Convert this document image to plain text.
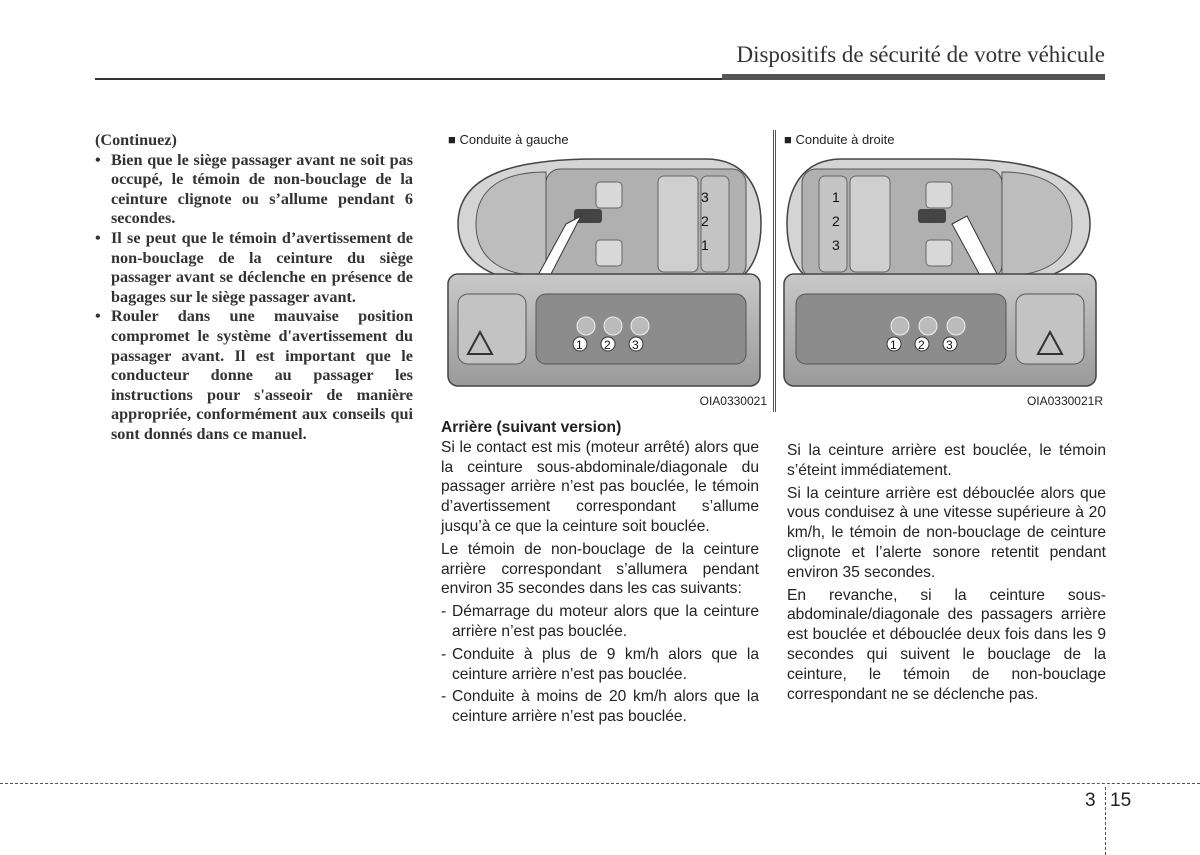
Dispositifs de sécurité de votre véhicule

(Continuez)

• Bien que le siège passager avant ne soit pas occupé, le témoin de non-bouclage de la ceinture clignote ou s’allume pendant 6 secondes.
• Il se peut que le témoin d’avertissement de non-bouclage de la ceinture du siège passager avant se déclenche en présence de bagages sur le siège passager avant.
• Rouler dans une mauvaise position compromet le système d'avertissement du passager avant. Il est important que le conducteur donne au passager les instructions pour s'asseoir de manière appropriée, conformément aux conseils qui sont donnés dans ce manuel.
■ Conduite à gauche
3
2
1
1 2 3
OIA0330021
■ Conduite à droite
1
2
3
1 2 3
OIA0330021R

Arrière (suivant version)

Si le contact est mis (moteur arrêté) alors que la ceinture sous-abdominale/diagonale du passager arrière n’est pas bouclée, le témoin d’avertissement correspondant s’allume jusqu’à ce que la ceinture soit bouclée.

Le témoin de non-bouclage de la ceinture arrière correspondant s’allumera pendant environ 35 secondes dans les cas suivants:

- Démarrage du moteur alors que la ceinture arrière n’est pas bouclée.

- Conduite à plus de 9 km/h alors que la ceinture arrière n’est pas bouclée.

- Conduite à moins de 20 km/h alors que la ceinture arrière n’est pas bouclée.

Si la ceinture arrière est bouclée, le témoin s’éteint immédiatement.

Si la ceinture arrière est débouclée alors que vous conduisez à une vitesse supérieure à 20 km/h, le témoin de non-bouclage de ceinture clignote et l’alerte sonore retentit pendant environ 35 secondes.

En revanche, si la ceinture sous-abdominale/diagonale des passagers arrière est bouclée et débouclée deux fois dans les 9 secondes qui suivent le bouclage de la ceinture, le témoin de non-bouclage correspondant ne se déclenche pas.

3 15
